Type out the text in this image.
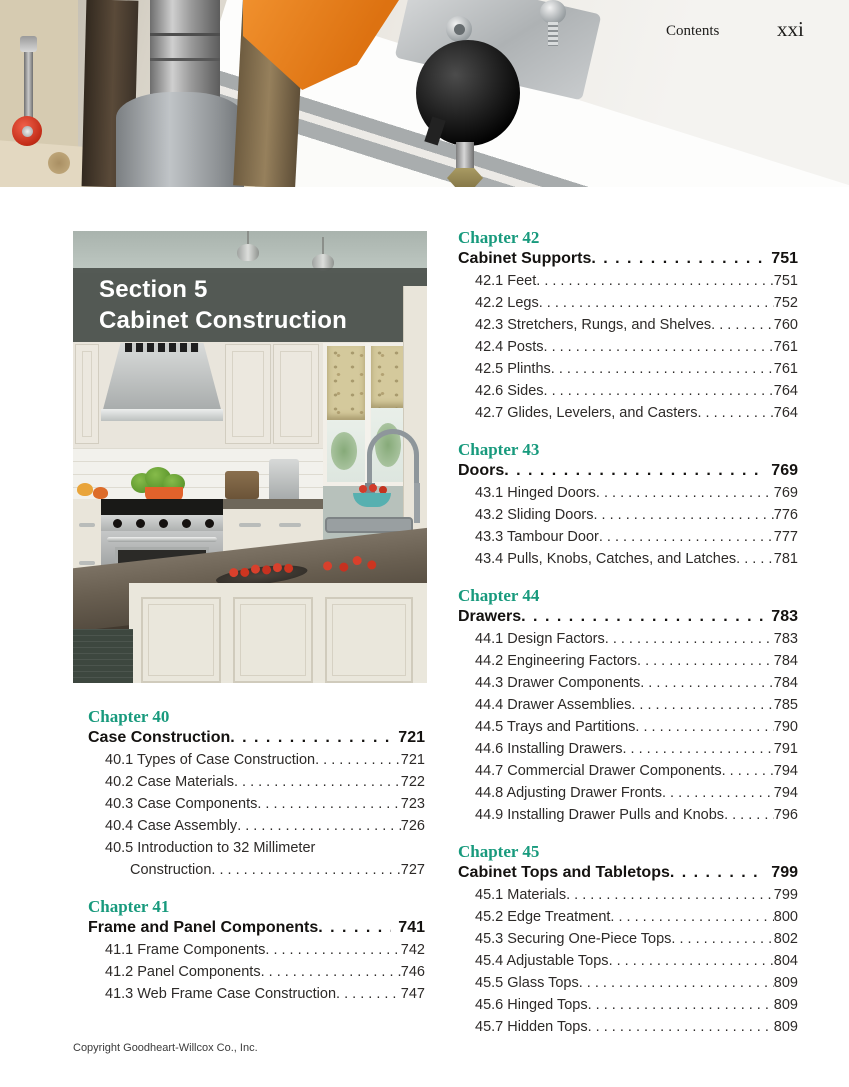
Contents	xxi
Section 5
Cabinet Construction
Chapter 40
Case Construction . . .	721
40.1 Types of Case Construction . . .	721
40.2 Case Materials . . .	722
40.3 Case Components . . .	723
40.4 Case Assembly . . .	726
40.5 Introduction to 32 Millimeter
Construction . . .	727
Chapter 41
Frame and Panel Components . . .	741
41.1 Frame Components . . .	742
41.2 Panel Components . . .	746
41.3 Web Frame Case Construction . . .	747
Chapter 42
Cabinet Supports . . .	751
42.1 Feet . . .	751
42.2 Legs . . .	752
42.3 Stretchers, Rungs, and Shelves . . .	760
42.4 Posts . . .	761
42.5 Plinths . . .	761
42.6 Sides . . .	764
42.7 Glides, Levelers, and Casters . . .	764
Chapter 43
Doors . . .	769
43.1 Hinged Doors . . .	769
43.2 Sliding Doors . . .	776
43.3 Tambour Door . . .	777
43.4 Pulls, Knobs, Catches, and Latches . . .	781
Chapter 44
Drawers . . .	783
44.1 Design Factors . . .	783
44.2 Engineering Factors . . .	784
44.3 Drawer Components . . .	784
44.4 Drawer Assemblies . . .	785
44.5 Trays and Partitions . . .	790
44.6 Installing Drawers . . .	791
44.7 Commercial Drawer Components . . .	794
44.8 Adjusting Drawer Fronts . . .	794
44.9 Installing Drawer Pulls and Knobs . . .	796
Chapter 45
Cabinet Tops and Tabletops . . .	799
45.1 Materials . . .	799
45.2 Edge Treatment . . .	800
45.3 Securing One-Piece Tops . . .	802
45.4 Adjustable Tops . . .	804
45.5 Glass Tops . . .	809
45.6 Hinged Tops . . .	809
45.7 Hidden Tops . . .	809
Copyright Goodheart-Willcox Co., Inc.
